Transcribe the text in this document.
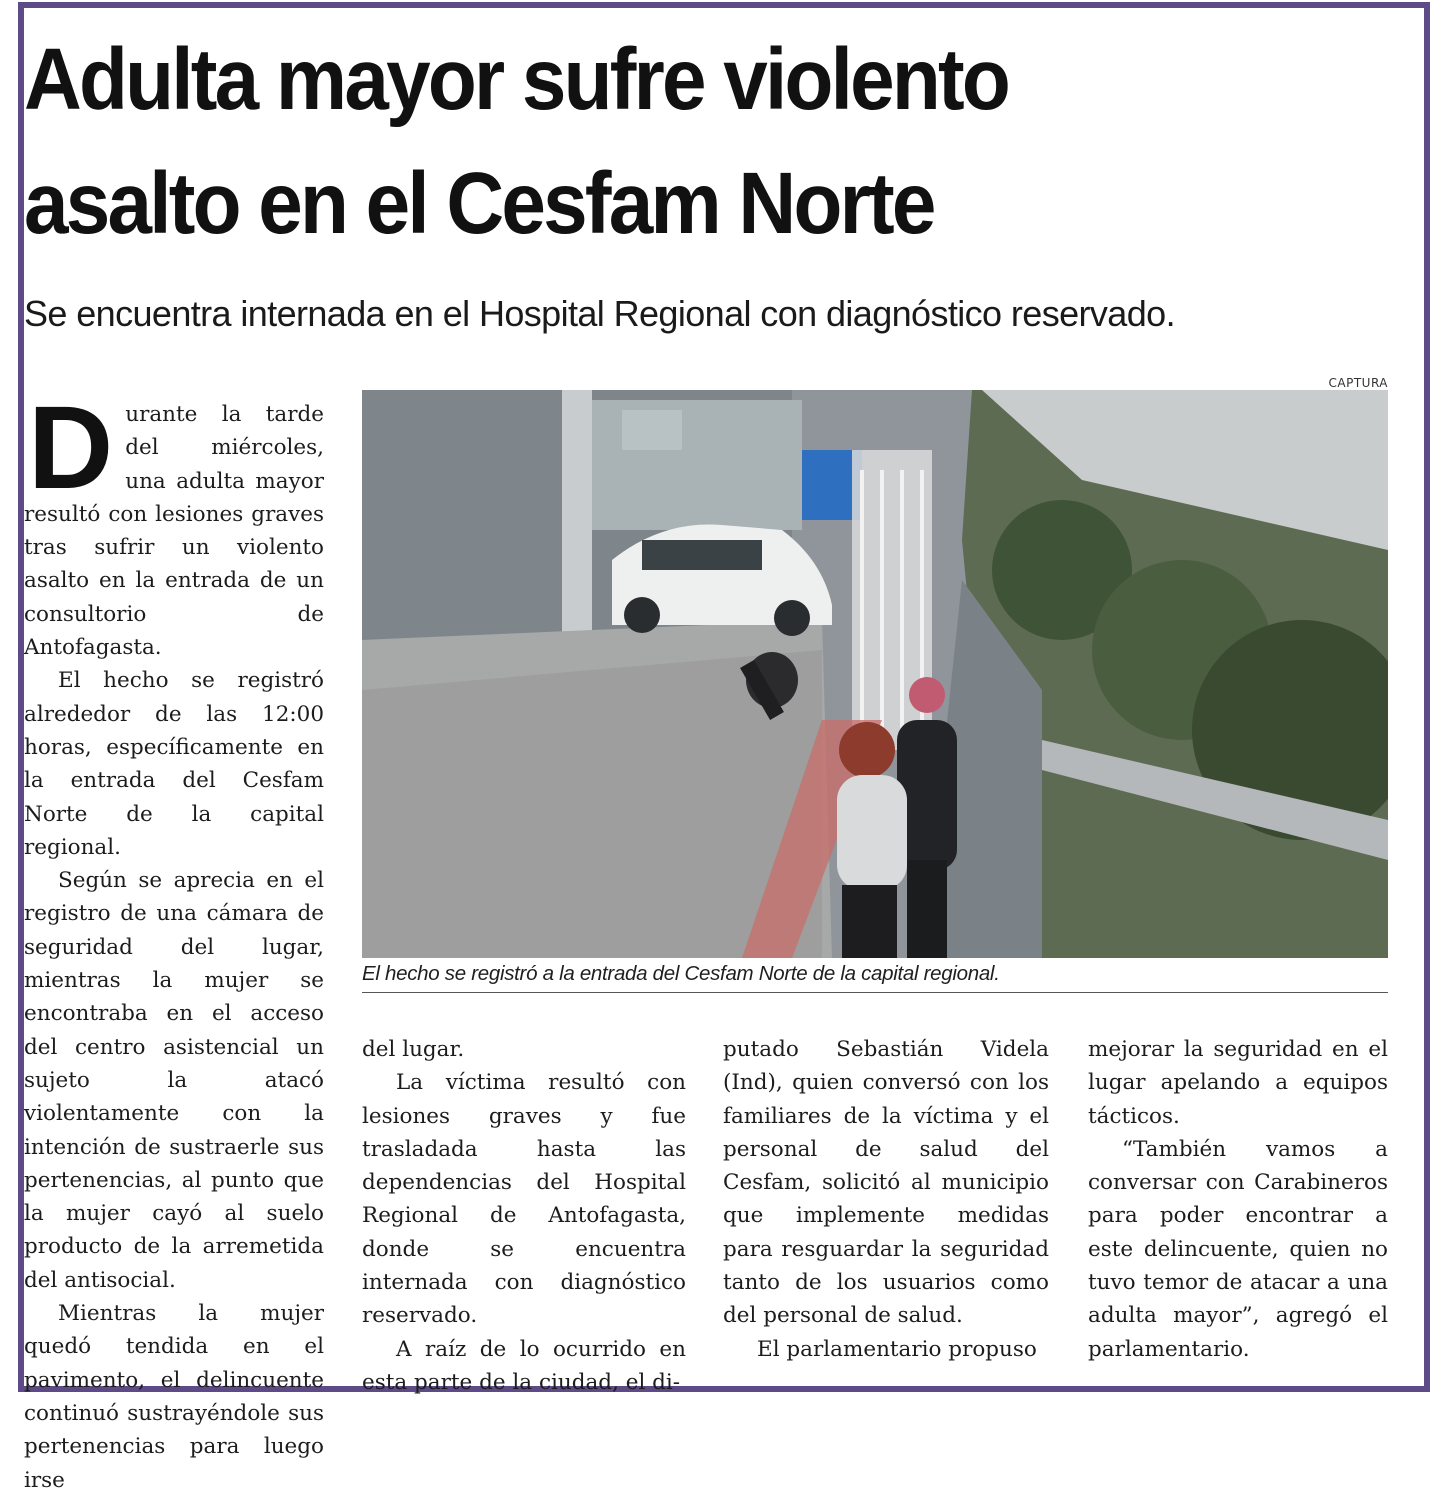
Adulta mayor sufre violento
asalto en el Cesfam Norte
Se encuentra internada en el Hospital Regional con diagnóstico reservado.
CAPTURA
El hecho se registró a la entrada del Cesfam Norte de la capital regional.

Durante la tarde del miércoles, una adulta mayor resultó con lesiones graves tras sufrir un violento asalto en la entrada de un consultorio de Antofagasta.

El hecho se registró alrededor de las 12:00 horas, específicamente en la entrada del Cesfam Norte de la capital regional.

Según se aprecia en el registro de una cámara de seguridad del lugar, mientras la mujer se encontraba en el acceso del centro asistencial un sujeto la atacó violentamente con la intención de sustraerle sus pertenencias, al punto que la mujer cayó al suelo producto de la arremetida del antisocial.

Mientras la mujer quedó tendida en el pavimento, el delincuente continuó sustrayéndole sus pertenencias para luego irse

del lugar.

La víctima resultó con lesiones graves y fue trasladada hasta las dependencias del Hospital Regional de Antofagasta, donde se encuentra internada con diagnóstico reservado.

A raíz de lo ocurrido en esta parte de la ciudad, el di-

putado Sebastián Videla (Ind), quien conversó con los familiares de la víctima y el personal de salud del Cesfam, solicitó al municipio que implemente medidas para resguardar la seguridad tanto de los usuarios como del personal de salud.

El parlamentario propuso

mejorar la seguridad en el lugar apelando a equipos tácticos.

“También vamos a conversar con Carabineros para poder encontrar a este delincuente, quien no tuvo temor de atacar a una adulta mayor”, agregó el parlamentario.
